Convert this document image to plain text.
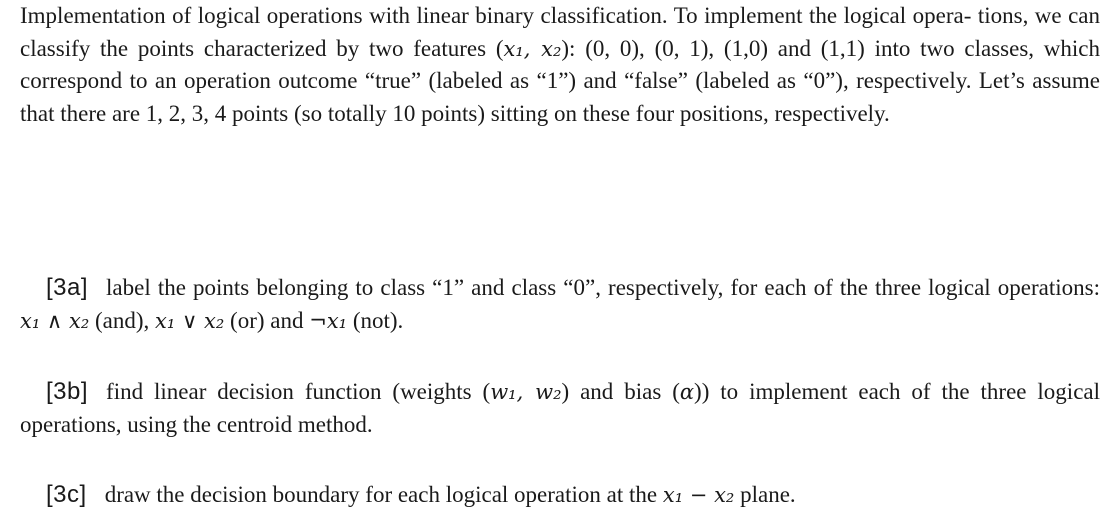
Implementation of logical operations with linear binary classification. To implement the logical opera- tions, we can classify the points characterized by two features (x₁, x₂): (0, 0), (0, 1), (1,0) and (1,1) into two classes, which correspond to an operation outcome “true” (labeled as “1”) and “false” (labeled as “0”), respectively. Let’s assume that there are 1, 2, 3, 4 points (so totally 10 points) sitting on these four positions, respectively.

[3a] label the points belonging to class “1” and class “0”, respectively, for each of the three logical operations: x₁ ∧ x₂ (and), x₁ ∨ x₂ (or) and ¬x₁ (not).

[3b] find linear decision function (weights (w₁, w₂) and bias (α)) to implement each of the three logical operations, using the centroid method.

[3c] draw the decision boundary for each logical operation at the x₁ − x₂ plane.
